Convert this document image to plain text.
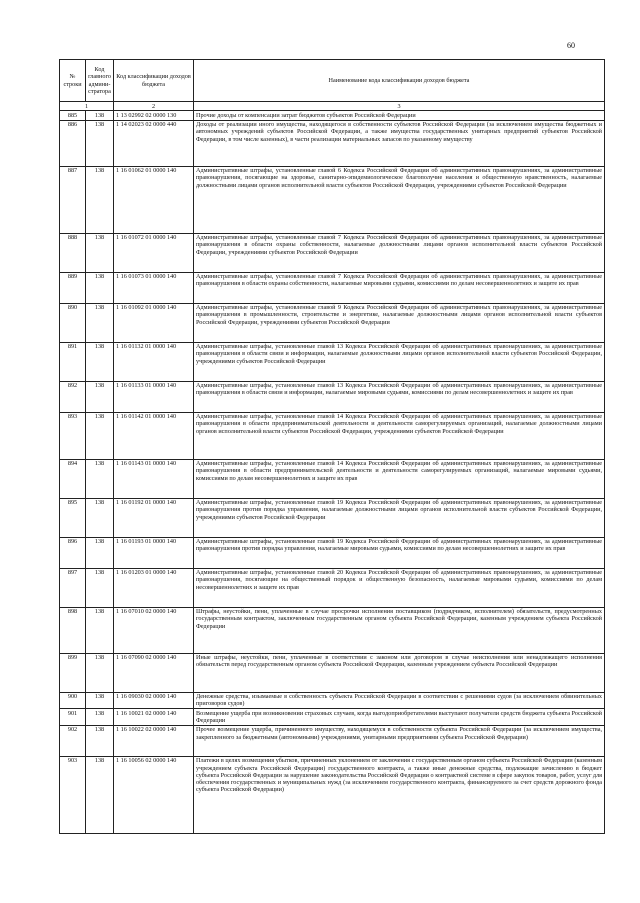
60
№ строки	Код главного админи-стратора	Код классификации доходов бюджета	Наименование кода классификации доходов бюджета
1		2	3
885	138	1 13 02992 02 0000 130	Прочие доходы от компенсации затрат бюджетов субъектов Российской Федерации
886	138	1 14 02023 02 0000 440	Доходы от реализации иного имущества, находящегося в собственности субъектов Российской Федерации (за исключением имущества бюджетных и автономных учреждений субъектов Российской Федерации, а также имущества государственных унитарных предприятий субъектов Российской Федерации, в том числе казенных), в части реализации материальных запасов по указанному имуществу
887	138	1 16 01062 01 0000 140	Административные штрафы, установленные главой 6 Кодекса Российской Федерации об административных правонарушениях, за административные правонарушения, посягающие на здоровье, санитарно-эпидемиологическое благополучие населения и общественную нравственность, налагаемые должностными лицами органов исполнительной власти субъектов Российской Федерации, учреждениями субъектов Российской Федерации
888	138	1 16 01072 01 0000 140	Административные штрафы, установленные главой 7 Кодекса Российской Федерации об административных правонарушениях, за административные правонарушения в области охраны собственности, налагаемые должностными лицами органов исполнительной власти субъектов Российской Федерации, учреждениями субъектов Российской Федерации
889	138	1 16 01073 01 0000 140	Административные штрафы, установленные главой 7 Кодекса Российской Федерации об административных правонарушениях, за административные правонарушения в области охраны собственности, налагаемые мировыми судьями, комиссиями по делам несовершеннолетних и защите их прав
890	138	1 16 01092 01 0000 140	Административные штрафы, установленные главой 9 Кодекса Российской Федерации об административных правонарушениях, за административные правонарушения в промышленности, строительстве и энергетике, налагаемые должностными лицами органов исполнительной власти субъектов Российской Федерации, учреждениями субъектов Российской Федерации
891	138	1 16 01132 01 0000 140	Административные штрафы, установленные главой 13 Кодекса Российской Федерации об административных правонарушениях, за административные правонарушения в области связи и информации, налагаемые должностными лицами органов исполнительной власти субъектов Российской Федерации, учреждениями субъектов Российской Федерации
892	138	1 16 01133 01 0000 140	Административные штрафы, установленные главой 13 Кодекса Российской Федерации об административных правонарушениях, за административные правонарушения в области связи и информации, налагаемые мировыми судьями, комиссиями по делам несовершеннолетних и защите их прав
893	138	1 16 01142 01 0000 140	Административные штрафы, установленные главой 14 Кодекса Российской Федерации об административных правонарушениях, за административные правонарушения в области предпринимательской деятельности и деятельности саморегулируемых организаций, налагаемые должностными лицами органов исполнительной власти субъектов Российской Федерации, учреждениями субъектов Российской Федерации
894	138	1 16 01143 01 0000 140	Административные штрафы, установленные главой 14 Кодекса Российской Федерации об административных правонарушениях, за административные правонарушения в области предпринимательской деятельности и деятельности саморегулируемых организаций, налагаемые мировыми судьями, комиссиями по делам несовершеннолетних и защите их прав
895	138	1 16 01192 01 0000 140	Административные штрафы, установленные главой 19 Кодекса Российской Федерации об административных правонарушениях, за административные правонарушения против порядка управления, налагаемые должностными лицами органов исполнительной власти субъектов Российской Федерации, учреждениями субъектов Российской Федерации
896	138	1 16 01193 01 0000 140	Административные штрафы, установленные главой 19 Кодекса Российской Федерации об административных правонарушениях, за административные правонарушения против порядка управления, налагаемые мировыми судьями, комиссиями по делам несовершеннолетних и защите их прав
897	138	1 16 01203 01 0000 140	Административные штрафы, установленные главой 20 Кодекса Российской Федерации об административных правонарушениях, за административные правонарушения, посягающие на общественный порядок и общественную безопасность, налагаемые мировыми судьями, комиссиями по делам несовершеннолетних и защите их прав
898	138	1 16 07010 02 0000 140	Штрафы, неустойки, пени, уплаченные в случае просрочки исполнения поставщиком (подрядчиком, исполнителем) обязательств, предусмотренных государственным контрактом, заключенным государственным органом субъекта Российской Федерации, казенным учреждением субъекта Российской Федерации
899	138	1 16 07090 02 0000 140	Иные штрафы, неустойки, пени, уплаченные в соответствии с законом или договором в случае неисполнения или ненадлежащего исполнения обязательств перед государственным органом субъекта Российской Федерации, казенным учреждением субъекта Российской Федерации
900	138	1 16 09030 02 0000 140	Денежные средства, изымаемые в собственность субъекта Российской Федерации в соответствии с решениями судов (за исключением обвинительных приговоров судов)
901	138	1 16 10021 02 0000 140	Возмещение ущерба при возникновении страховых случаев, когда выгодоприобретателями выступают получатели средств бюджета субъекта Российской Федерации
902	138	1 16 10022 02 0000 140	Прочее возмещение ущерба, причиненного имуществу, находящемуся в собственности субъекта Российской Федерации (за исключением имущества, закрепленного за бюджетными (автономными) учреждениями, унитарными предприятиями субъекта Российской Федерации)
903	138	1 16 10056 02 0000 140	Платежи в целях возмещения убытков, причиненных уклонением от заключения с государственным органом субъекта Российской Федерации (казенным учреждением субъекта Российской Федерации) государственного контракта, а также иные денежные средства, подлежащие зачислению в бюджет субъекта Российской Федерации за нарушение законодательства Российской Федерации о контрактной системе в сфере закупок товаров, работ, услуг для обеспечения государственных и муниципальных нужд (за исключением государственного контракта, финансируемого за счет средств дорожного фонда субъекта Российской Федерации)
